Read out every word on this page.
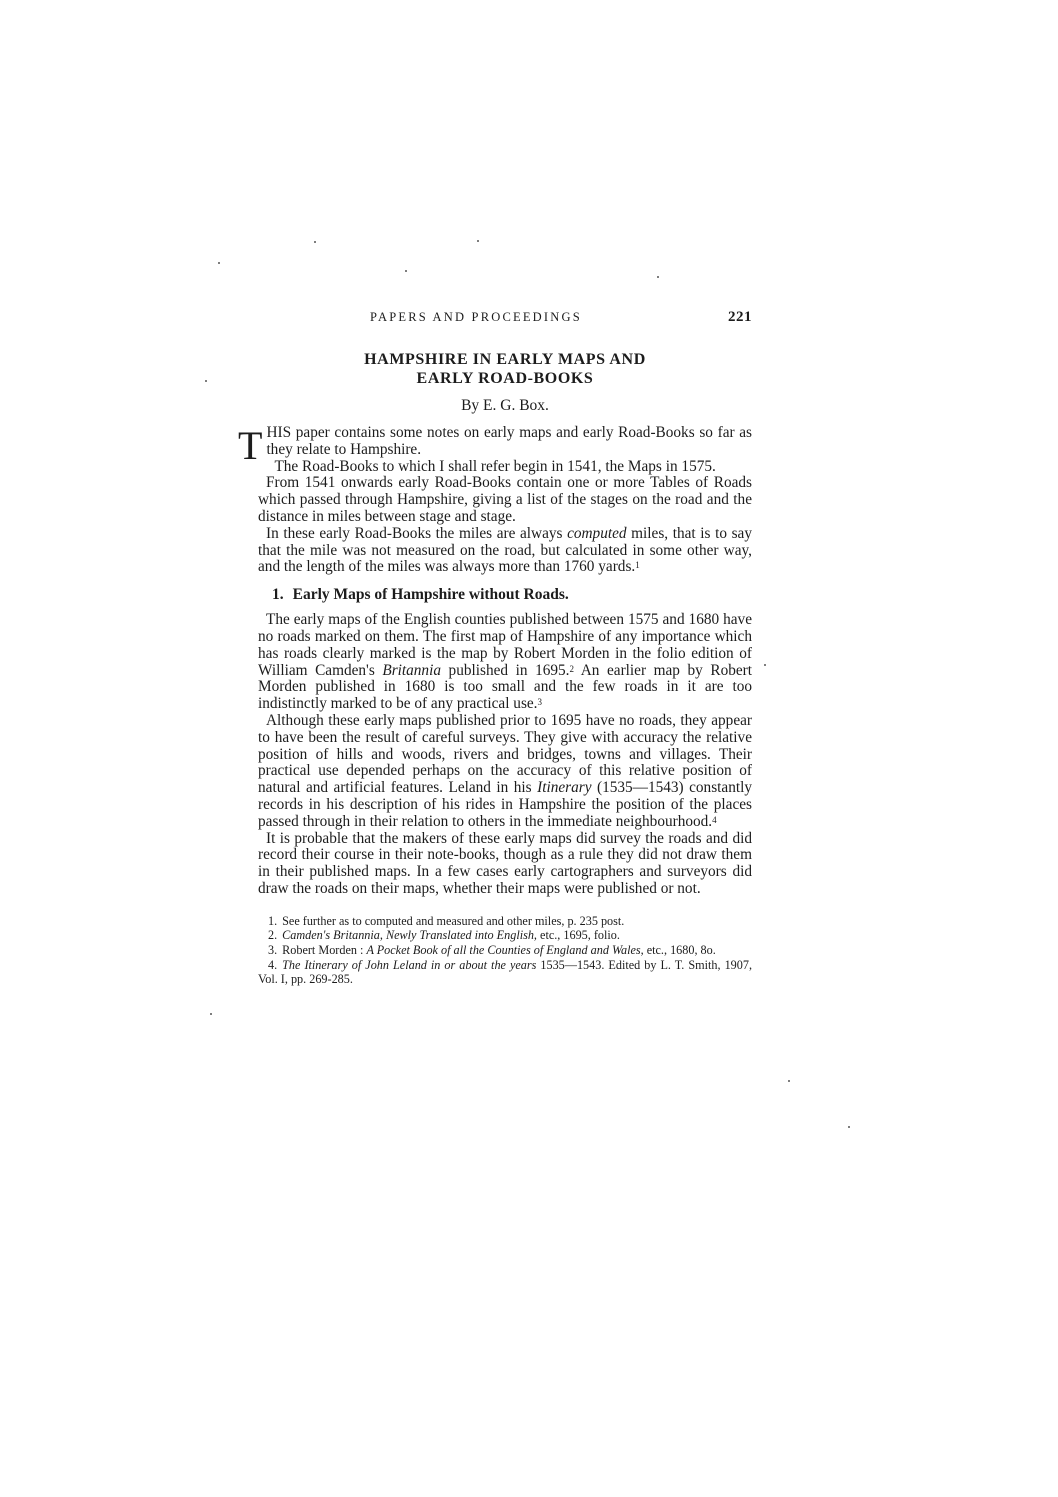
PAPERS AND PROCEEDINGS	221
HAMPSHIRE IN EARLY MAPS AND
EARLY ROAD-BOOKS
By E. G. Box.

THIS paper contains some notes on early maps and early Road-Books so far as they relate to Hampshire.

The Road-Books to which I shall refer begin in 1541, the Maps in 1575.

From 1541 onwards early Road-Books contain one or more Tables of Roads which passed through Hampshire, giving a list of the stages on the road and the distance in miles between stage and stage.

In these early Road-Books the miles are always computed miles, that is to say that the mile was not measured on the road, but calculated in some other way, and the length of the miles was always more than 1760 yards.$^1$

1. Early Maps of Hampshire without Roads.

The early maps of the English counties published between 1575 and 1680 have no roads marked on them. The first map of Hampshire of any importance which has roads clearly marked is the map by Robert Morden in the folio edition of William Camden's Britannia published in 1695.$^2$ An earlier map by Robert Morden published in 1680 is too small and the few roads in it are too indistinctly marked to be of any practical use.$^3$

Although these early maps published prior to 1695 have no roads, they appear to have been the result of careful surveys. They give with accuracy the relative position of hills and woods, rivers and bridges, towns and villages. Their practical use depended perhaps on the accuracy of this relative position of natural and artificial features. Leland in his Itinerary (1535—1543) constantly records in his description of his rides in Hampshire the position of the places passed through in their relation to others in the immediate neighbourhood.$^4$

It is probable that the makers of these early maps did survey the roads and did record their course in their note-books, though as a rule they did not draw them in their published maps. In a few cases early cartographers and surveyors did draw the roads on their maps, whether their maps were published or not.

1. See further as to computed and measured and other miles, p. 235 post.

2. Camden's Britannia, Newly Translated into English, etc., 1695, folio.

3. Robert Morden : A Pocket Book of all the Counties of England and Wales, etc., 1680, 8o.

4. The Itinerary of John Leland in or about the years 1535—1543. Edited by L. T. Smith, 1907, Vol. I, pp. 269-285.
